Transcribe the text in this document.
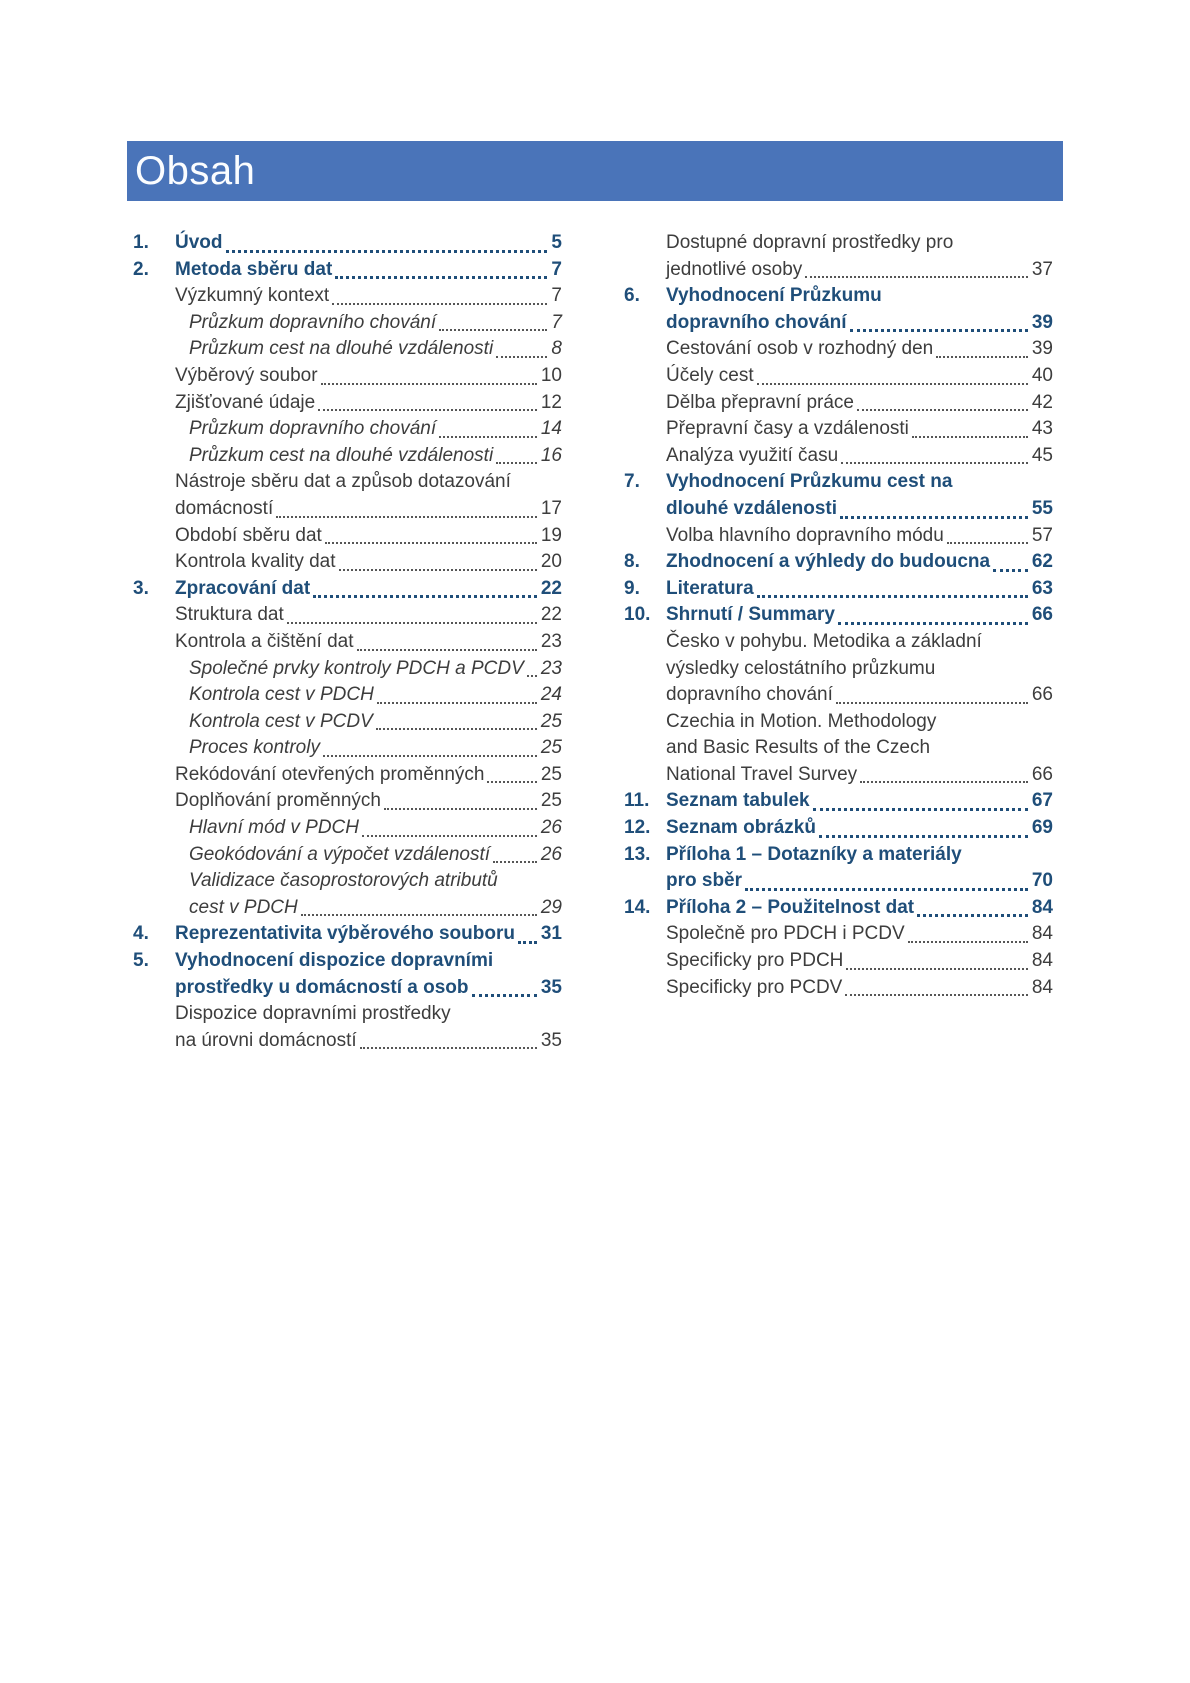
Obsah
1. Úvod	5
2. Metoda sběru dat	7
Výzkumný kontext	7
Průzkum dopravního chování	7
Průzkum cest na dlouhé vzdálenosti	8
Výběrový soubor	10
Zjišťované údaje	12
Průzkum dopravního chování	14
Průzkum cest na dlouhé vzdálenosti	16
Nástroje sběru dat a způsob dotazování
domácností	17
Období sběru dat	19
Kontrola kvality dat	20
3. Zpracování dat	22
Struktura dat	22
Kontrola a čištění dat	23
Společné prvky kontroly PDCH a PCDV 23
Kontrola cest v PDCH	24
Kontrola cest v PCDV	25
Proces kontroly	25
Rekódování otevřených proměnných	25
Doplňování proměnných	25
Hlavní mód v PDCH	26
Geokódování a výpočet vzdáleností	26
Validizace časoprostorových atributů
cest v PDCH	29
4. Reprezentativita výběrového souboru 31
5. Vyhodnocení dispozice dopravními
prostředky u domácností a osob	35
Dispozice dopravními prostředky
na úrovni domácností	35
Dostupné dopravní prostředky pro
jednotlivé osoby	37
6. Vyhodnocení Průzkumu
dopravního chování	39
Cestování osob v rozhodný den	39
Účely cest	40
Dělba přepravní práce	42
Přepravní časy a vzdálenosti	43
Analýza využití času	45
7. Vyhodnocení Průzkumu cest na
dlouhé vzdálenosti	55
Volba hlavního dopravního módu	57
8. Zhodnocení a výhledy do budoucna 62
9. Literatura	63
10. Shrnutí / Summary	66
Česko v pohybu. Metodika a základní
výsledky celostátního průzkumu
dopravního chování	66
Czechia in Motion. Methodology
and Basic Results of the Czech
National Travel Survey	66
11. Seznam tabulek	67
12. Seznam obrázků	69
13. Příloha 1 – Dotazníky a materiály
pro sběr	70
14. Příloha 2 – Použitelnost dat	84
Společně pro PDCH i PCDV	84
Specificky pro PDCH	84
Specificky pro PCDV	84
